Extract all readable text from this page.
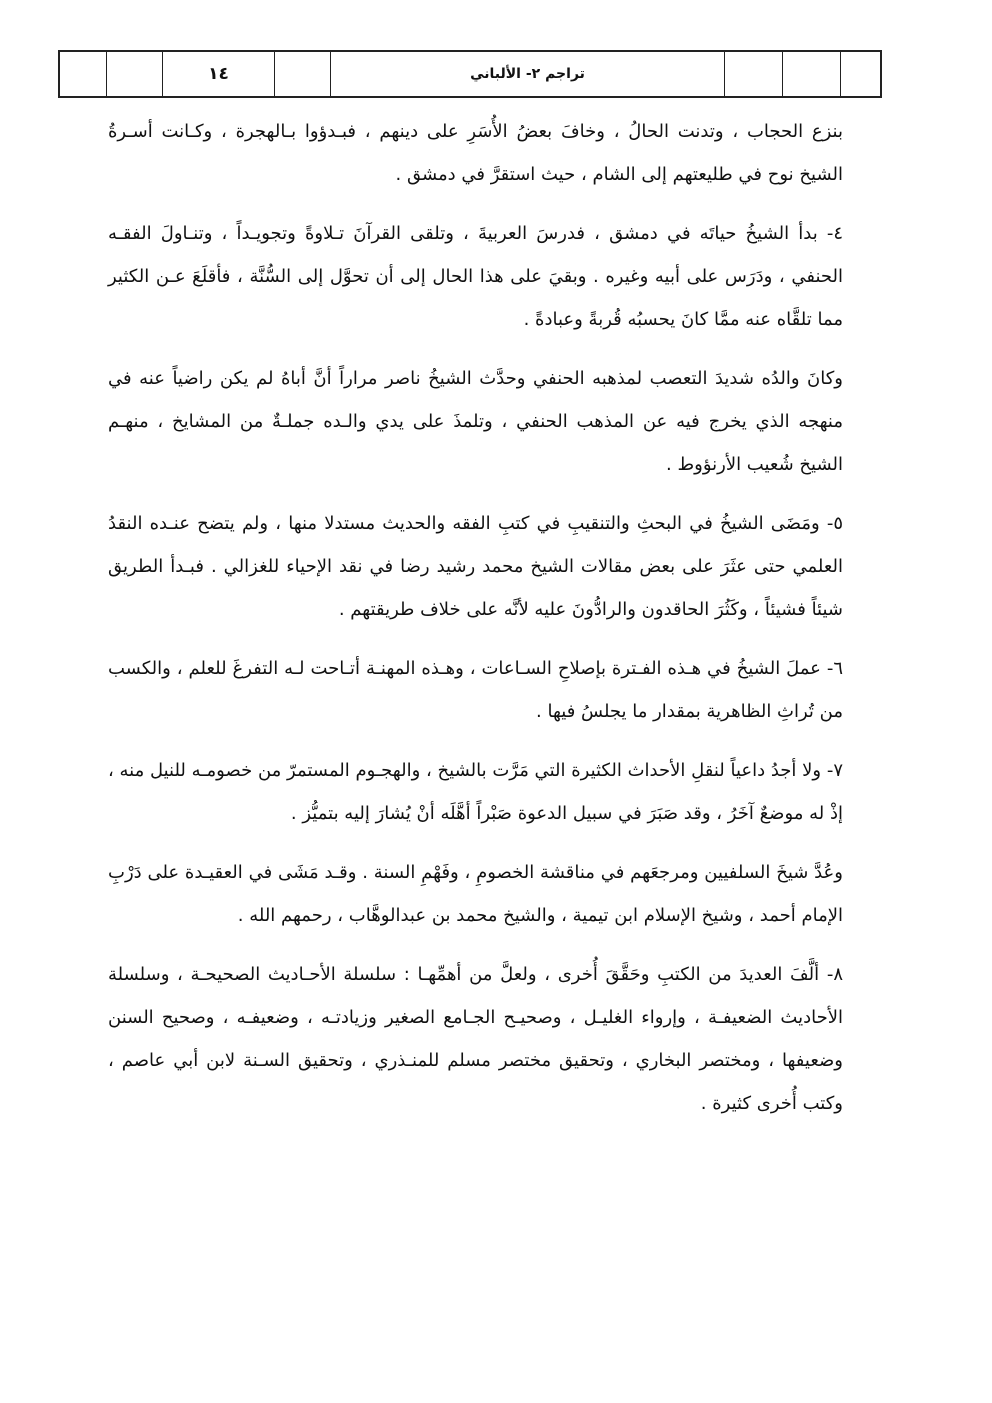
١٤	تراجم ٢- الألباني

بنزع الحجاب ، وتدنت الحالُ ، وخافَ بعضُ الأُسَرِ على دينهم ، فبـدؤوا بـالهجرة ، وكـانت أسـرةُ الشيخ نوح في طليعتهم إلى الشام ، حيث استقرَّ في دمشق .

٤- بدأ الشيخُ حياتَه في دمشق ، فدرسَ العربيةَ ، وتلقى القرآنَ تـلاوةً وتجويـداً ، وتنـاولَ الفقـه الحنفي ، ودَرَس على أبيه وغيره . وبقيَ على هذا الحال إلى أن تحوَّل إلى السُّنَّة ، فأقلَعَ عـن الكثير مما تلقَّاه عنه ممَّا كانَ يحسبُه قُربةً وعبادةً .

وكانَ والدُه شديدَ التعصب لمذهبه الحنفي وحدَّث الشيخُ ناصر مراراً أنَّ أباهُ لم يكن راضياً عنه في منهجه الذي يخرج فيه عن المذهب الحنفي ، وتلمذَ على يدي والـده جملـةٌ من المشايخ ، منهـم الشيخ شُعيب الأرنؤوط .

٥- ومَضَى الشيخُ في البحثِ والتنقيبِ في كتبِ الفقه والحديث مستدلا منها ، ولم يتضح عنـده النقدُ العلمي حتى عثَرَ على بعض مقالات الشيخ محمد رشيد رضا في نقد الإحياء للغزالي . فبـدأ الطريق شيئاً فشيئاً ، وكَثُرَ الحاقدون والرادُّونَ عليه لأنَّه على خلاف طريقتهم .

٦- عملَ الشيخُ في هـذه الفـترة بإصلاحِ السـاعات ، وهـذه المهنـة أتـاحت لـه التفرغَ للعلم ، والكسب من تُراثِ الظاهرية بمقدار ما يجلسُ فيها .

٧- ولا أجدُ داعياً لنقلِ الأحداث الكثيرة التي مَرَّت بالشيخ ، والهجـوم المستمرّ من خصومـه للنيل منه ، إذْ له موضعٌ آخَرُ ، وقد صَبَرَ في سبيل الدعوة صَبْراً أهَّلَه أنْ يُشارَ إليه بتميُّز .

وعُدَّ شيخَ السلفيين ومرجعَهم في مناقشة الخصومِ ، وفَهْمِ السنة . وقـد مَشَى في العقيـدة على دَرْبِ الإمام أحمد ، وشيخ الإسلام ابن تيمية ، والشيخ محمد بن عبدالوهَّاب ، رحمهم الله .

٨- ألَّفَ العديدَ من الكتبِ وحَقَّقَ أُخرى ، ولعلَّ من أهمِّهـا : سلسلة الأحـاديث الصحيحـة ، وسلسلة الأحاديث الضعيفـة ، وإرواء الغليـل ، وصحيـح الجـامع الصغير وزيادتـه ، وضعيفـه ، وصحيح السنن وضعيفها ، ومختصر البخاري ، وتحقيق مختصر مسلم للمنـذري ، وتحقيق السـنة لابن أبي عاصم ، وكتب أُخرى كثيرة .
